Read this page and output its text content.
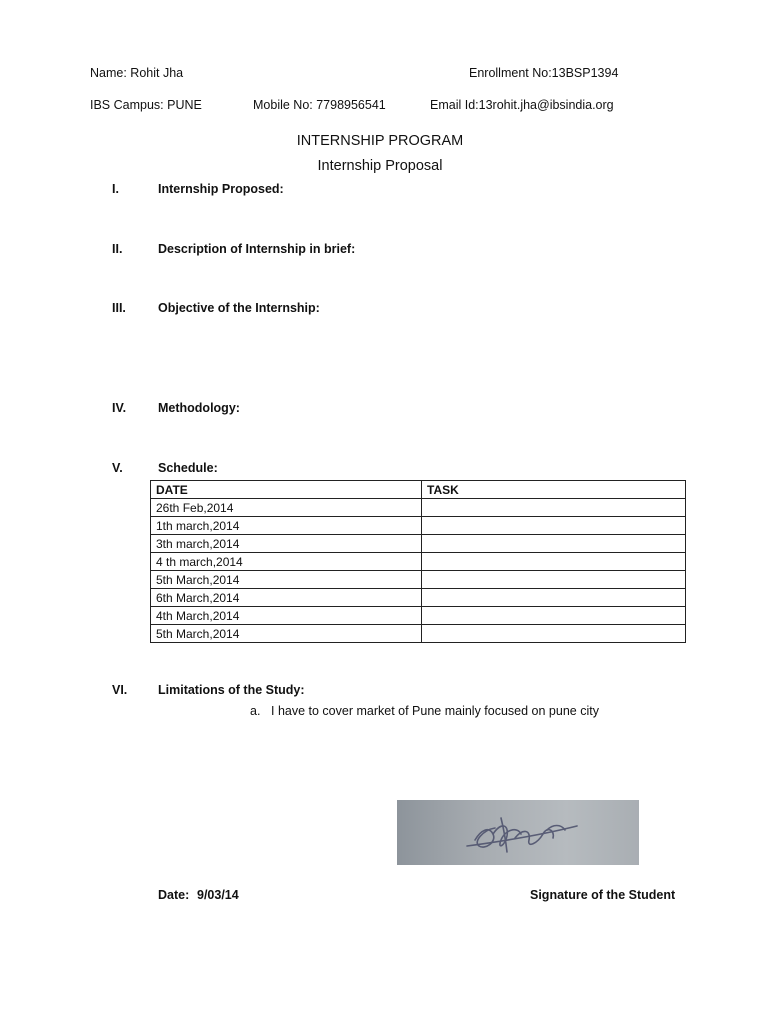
Name: Rohit Jha	Enrollment No:13BSP1394
IBS Campus: PUNE	Mobile No: 7798956541	Email Id:13rohit.jha@ibsindia.org
INTERNSHIP PROGRAM
Internship Proposal
I.	Internship Proposed:
II.	Description of Internship in brief:
III.	Objective of the Internship:
IV.	Methodology:
V.	Schedule:
DATE	TASK
26th Feb,2014	
1th march,2014	
3th march,2014	
4 th march,2014	
5th March,2014	
6th March,2014	
4th March,2014	
5th March,2014	
VI. Limitations of the Study:
a. I have to cover market of Pune mainly focused on pune city
Date: 9/03/14	Signature of the Student
